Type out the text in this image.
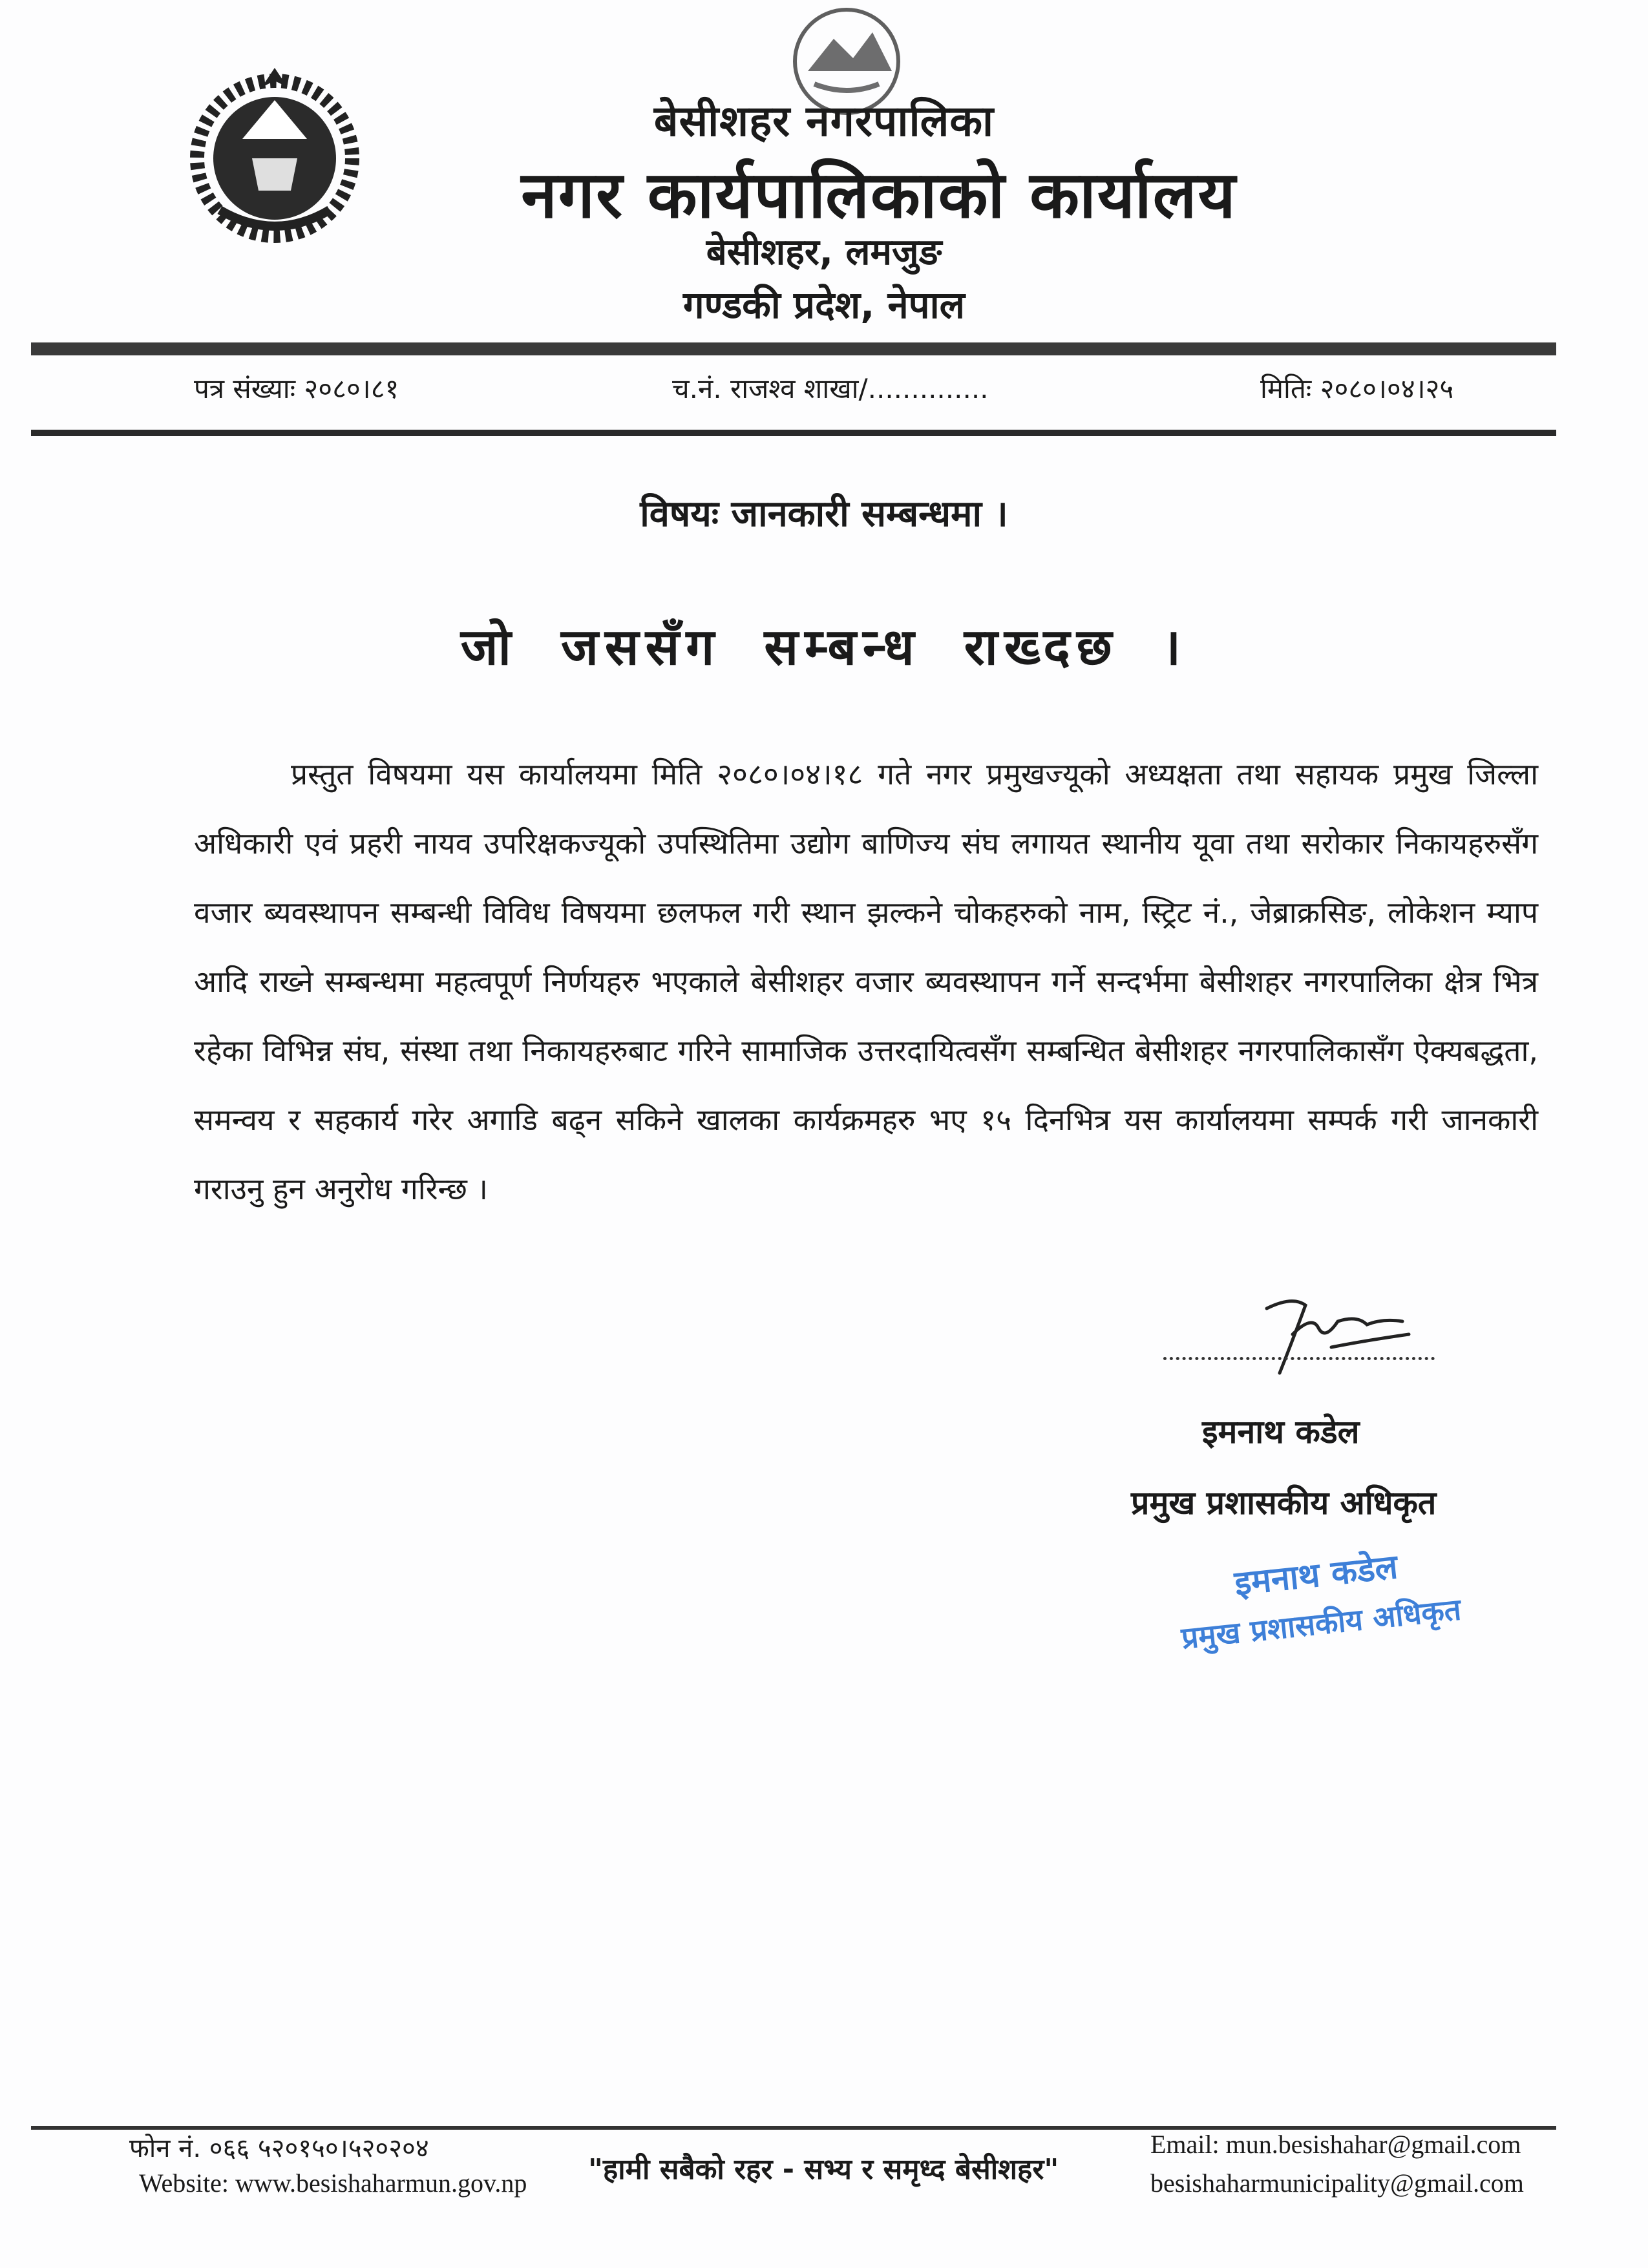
बेसीशहर नगरपालिका
नगर कार्यपालिकाको कार्यालय
बेसीशहर, लमजुङ
गण्डकी प्रदेश, नेपाल
पत्र संख्याः २०८०।८१	च.नं. राजश्व शाखा/..............	मितिः २०८०।०४।२५
विषयः जानकारी सम्बन्धमा ।
जो जससँग सम्बन्ध राख्दछ ।
प्रस्तुत विषयमा यस कार्यालयमा मिति २०८०।०४।१८ गते नगर प्रमुखज्यूको अध्यक्षता तथा सहायक प्रमुख जिल्ला अधिकारी एवं प्रहरी नायव उपरिक्षकज्यूको उपस्थितिमा उद्योग बाणिज्य संघ लगायत स्थानीय यूवा तथा सरोकार निकायहरुसँग वजार ब्यवस्थापन सम्बन्धी विविध विषयमा छलफल गरी स्थान झल्कने चोकहरुको नाम, स्ट्रिट नं., जेब्राक्रसिङ, लोकेशन म्याप आदि राख्ने सम्बन्धमा महत्वपूर्ण निर्णयहरु भएकाले बेसीशहर वजार ब्यवस्थापन गर्ने सन्दर्भमा बेसीशहर नगरपालिका क्षेत्र भित्र रहेका विभिन्न संघ, संस्था तथा निकायहरुबाट गरिने सामाजिक उत्तरदायित्वसँग सम्बन्धित बेसीशहर नगरपालिकासँग ऐक्यबद्धता, समन्वय र सहकार्य गरेर अगाडि बढ्न सकिने खालका कार्यक्रमहरु भए १५ दिनभित्र यस कार्यालयमा सम्पर्क गरी जानकारी गराउनु हुन अनुरोध गरिन्छ ।
इमनाथ कडेल
प्रमुख प्रशासकीय अधिकृत
इमनाथ कडेल
प्रमुख प्रशासकीय अधिकृत
फोन नं. ०६६ ५२०१५०।५२०२०४
Website: www.besishaharmun.gov.np "हामी सबैको रहर - सभ्य र समृध्द बेसीशहर"
Email: mun.besishahar@gmail.com
besishaharmunicipality@gmail.com
